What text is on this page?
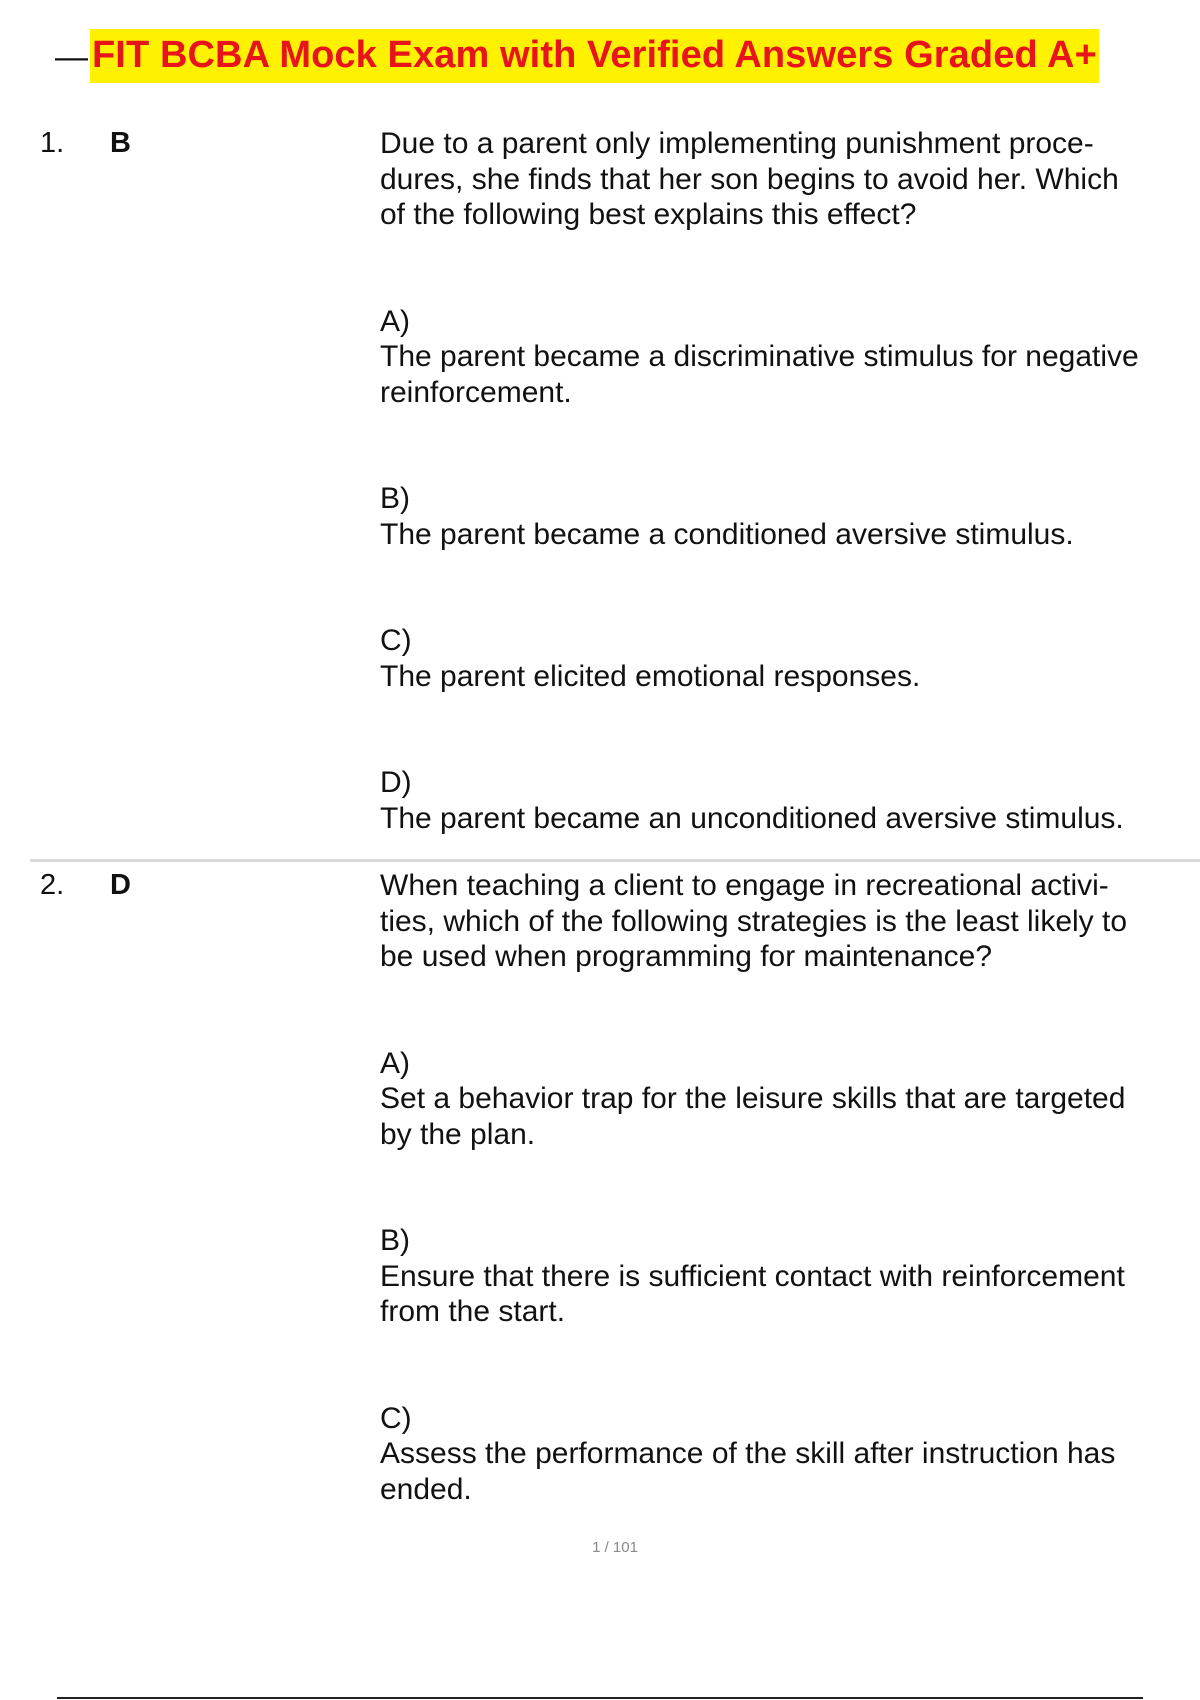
— FIT BCBA Mock Exam with Verified Answers Graded A+
1. B	Due to a parent only implementing punishment proce-
dures, she finds that her son begins to avoid her. Which
of the following best explains this effect?

A)
The parent became a discriminative stimulus for negative
reinforcement.
B)
The parent became a conditioned aversive stimulus.
C)
The parent elicited emotional responses.
D)
The parent became an unconditioned aversive stimulus.
2. D	When teaching a client to engage in recreational activi-
ties, which of the following strategies is the least likely to
be used when programming for maintenance?

A)
Set a behavior trap for the leisure skills that are targeted
by the plan.
B)
Ensure that there is sufficient contact with reinforcement
from the start.
C)
Assess the performance of the skill after instruction has
ended.
1 / 101
